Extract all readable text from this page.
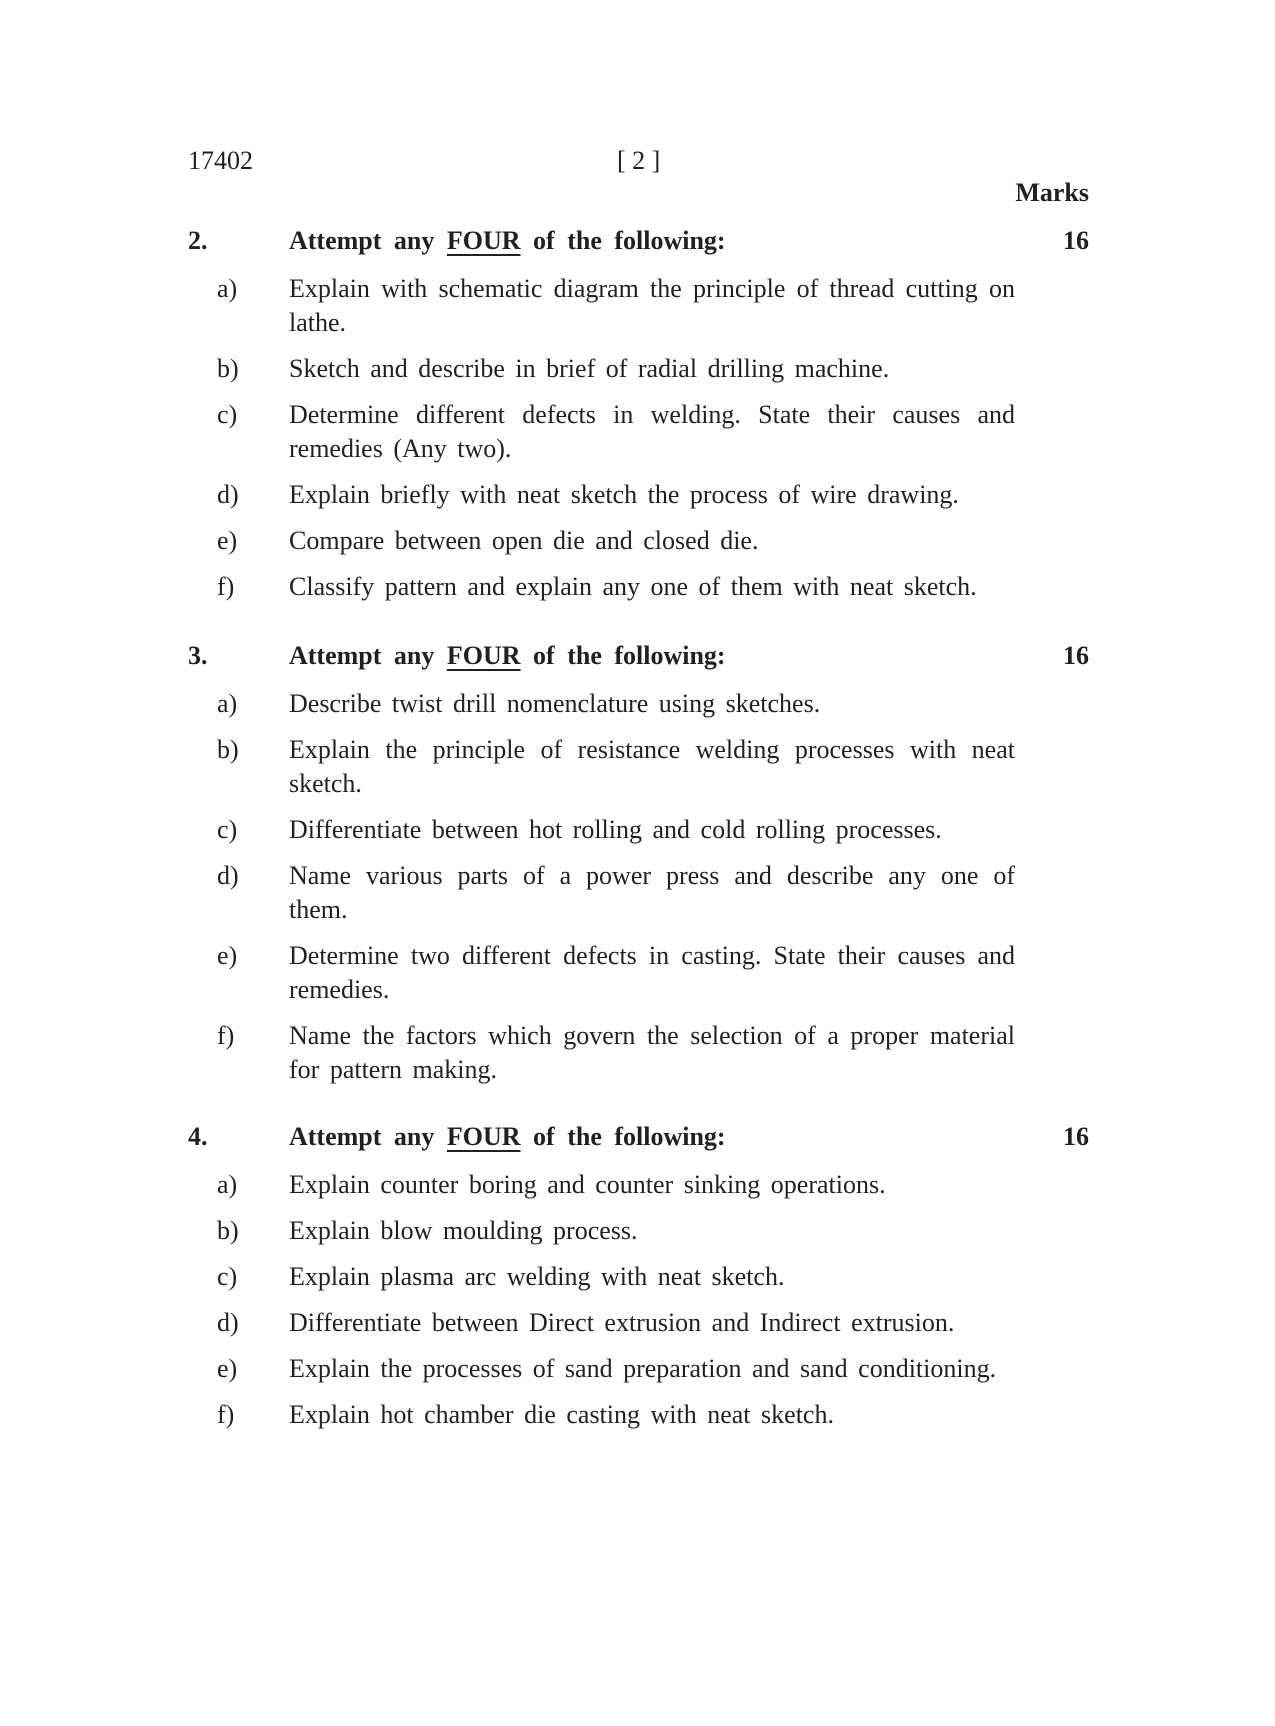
17402	[ 2 ]
Marks
2.	Attempt any FOUR of the following:	16
a)	Explain with schematic diagram the principle of thread cutting on lathe.
b)	Sketch and describe in brief of radial drilling machine.
c)	Determine different defects in welding. State their causes and remedies (Any two).
d)	Explain briefly with neat sketch the process of wire drawing.
e)	Compare between open die and closed die.
f)	Classify pattern and explain any one of them with neat sketch.
3.	Attempt any FOUR of the following:	16
a)	Describe twist drill nomenclature using sketches.
b)	Explain the principle of resistance welding processes with neat sketch.
c)	Differentiate between hot rolling and cold rolling processes.
d)	Name various parts of a power press and describe any one of them.
e)	Determine two different defects in casting. State their causes and remedies.
f)	Name the factors which govern the selection of a proper material for pattern making.
4.	Attempt any FOUR of the following:	16
a)	Explain counter boring and counter sinking operations.
b)	Explain blow moulding process.
c)	Explain plasma arc welding with neat sketch.
d)	Differentiate between Direct extrusion and Indirect extrusion.
e)	Explain the processes of sand preparation and sand conditioning.
f)	Explain hot chamber die casting with neat sketch.
